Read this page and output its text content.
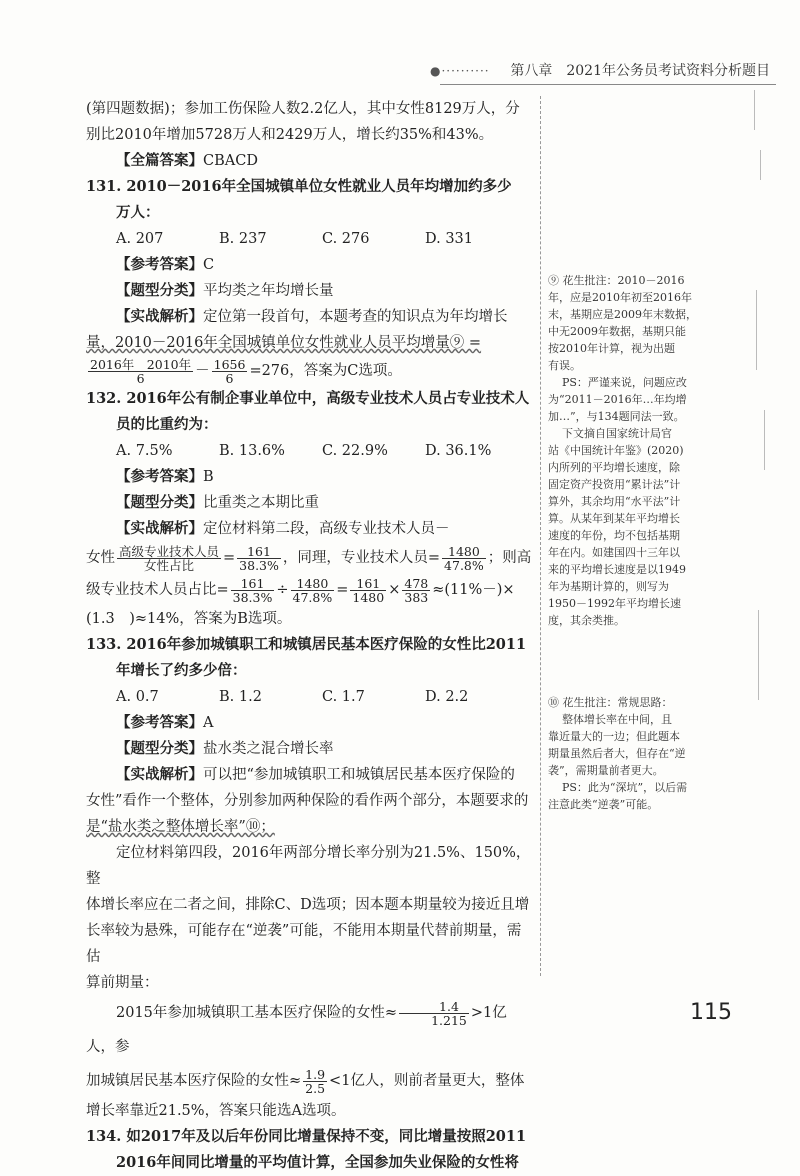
●·········· 第八章　2021年公务员考试资料分析题目

(第四题数据)；参加工伤保险人数2.2亿人，其中女性8129万人，分

别比2010年增加5728万人和2429万人，增长约35%和43%。

【全篇答案】CBACD

131. 2010－2016年全国城镇单位女性就业人员年均增加约多少

万人：

A. 207	B. 237	C. 276	D. 331

【参考答案】C

【题型分类】平均类之年均增长量

【实战解析】定位第一段首句，本题考查的知识点为年均增长

量，2010－2016年全国城镇单位女性就业人员平均增量⑨ =

$\frac{\text{2016年　2010年}}{6} - \frac{1656}{6} =276$，答案为C选项。

132. 2016年公有制企事业单位中，高级专业技术人员占专业技术人

员的比重约为：

A. 7.5%	B. 13.6%	C. 22.9%	D. 36.1%

【参考答案】B

【题型分类】比重类之本期比重

【实战解析】定位材料第二段，高级专业技术人员－

女性 $\frac{\text{高级专业技术人员}}{\text{女性占比}} = \frac{161}{38.3\%}$ ，同理，专业技术人员= $\frac{1480}{47.8\%}$ ；则高

级专业技术人员占比= $\frac{161}{38.3\%} \div \frac{1480}{47.8\%} = \frac{161}{1480} \times \frac{478}{383} \approx(11\%-)\times$

(1.3　)≈14%，答案为B选项。

133. 2016年参加城镇职工和城镇居民基本医疗保险的女性比2011

年增长了约多少倍：

A. 0.7	B. 1.2	C. 1.7	D. 2.2

【参考答案】A

【题型分类】盐水类之混合增长率

【实战解析】可以把“参加城镇职工和城镇居民基本医疗保险的

女性”看作一个整体，分别参加两种保险的看作两个部分，本题要求的

是“盐水类之整体增长率”⑩；

定位材料第四段，2016年两部分增长率分别为21.5%、150%，整

体增长率应在二者之间，排除C、D选项；因本题本期量较为接近且增

长率较为悬殊，可能存在“逆袭”可能，不能用本期量代替前期量，需估

算前期量：

2015年参加城镇职工基本医疗保险的女性≈ $\frac{1.4}{1.215} >1$亿人，参

加城镇居民基本医疗保险的女性≈ $\frac{1.9}{2.5} <1$亿人，则前者量更大，整体

增长率靠近21.5%，答案只能选A选项。

134. 如2017年及以后年份同比增量保持不变，同比增量按照2011

2016年间同比增量的平均值计算，全国参加失业保险的女性将

⑨ 花生批注：2010－2016

年，应是2010年初至2016年

末，基期应是2009年末数据，

中无2009年数据，基期只能

按2010年计算，视为出题

有误。

PS：严谨来说，问题应改

为“2011－2016年…年均增

加…”，与134题同法一致。

下文摘自国家统计局官

站《中国统计年鉴》(2020)

内所列的平均增长速度，除

固定资产投资用“累计法”计

算外，其余均用“水平法”计

算。从某年到某年平均增长

速度的年份，均不包括基期

年在内。如建国四十三年以

来的平均增长速度是以1949

年为基期计算的，则写为

1950－1992年平均增长速

度，其余类推。

⑩ 花生批注：常规思路：

整体增长率在中间，且

靠近量大的一边；但此题本

期量虽然后者大，但存在“逆

袭”，需期量前者更大。

PS：此为“深坑”，以后需

注意此类“逆袭”可能。

115
